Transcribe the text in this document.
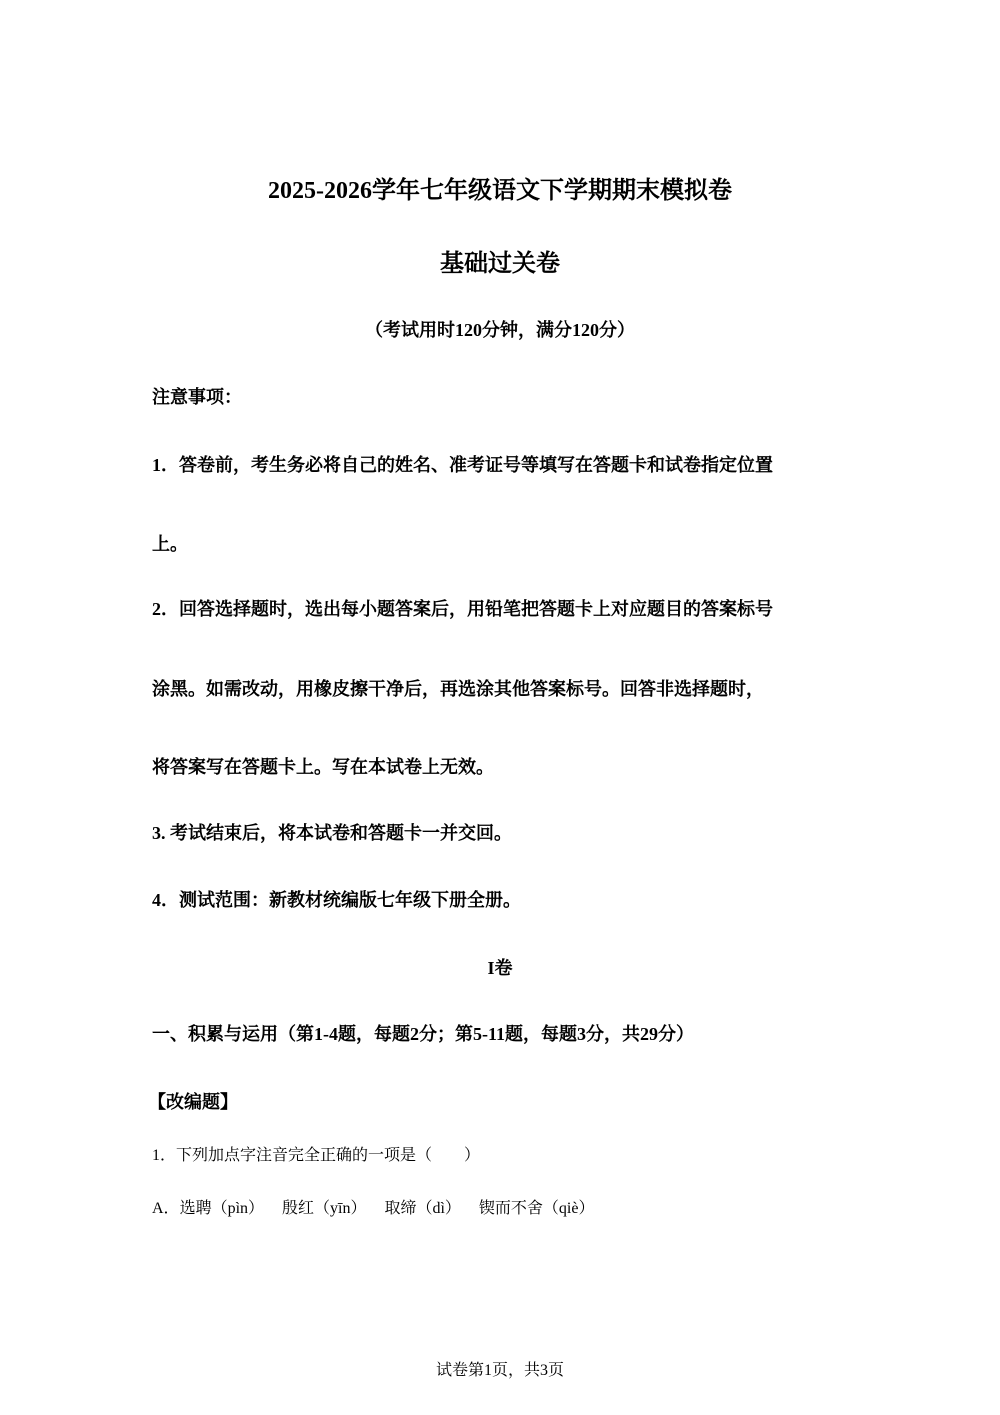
2025-2026学年七年级语文下学期期末模拟卷
基础过关卷
（考试用时120分钟，满分120分）
注意事项：
1．答卷前，考生务必将自己的姓名、准考证号等填写在答题卡和试卷指定位置
上。
2．回答选择题时，选出每小题答案后，用铅笔把答题卡上对应题目的答案标号
涂黑。如需改动，用橡皮擦干净后，再选涂其他答案标号。回答非选择题时，
将答案写在答题卡上。写在本试卷上无效。
3. 考试结束后，将本试卷和答题卡一并交回。
4．测试范围：新教材统编版七年级下册全册。
I卷
一、积累与运用（第1-4题，每题2分；第5-11题，每题3分，共29分）
【改编题】
1．下列加点字注音完全正确的一项是（　　）
A．选聘（pìn） 殷红（yīn） 取缔（dì） 锲而不舍（qiè）
试卷第1页，共3页
